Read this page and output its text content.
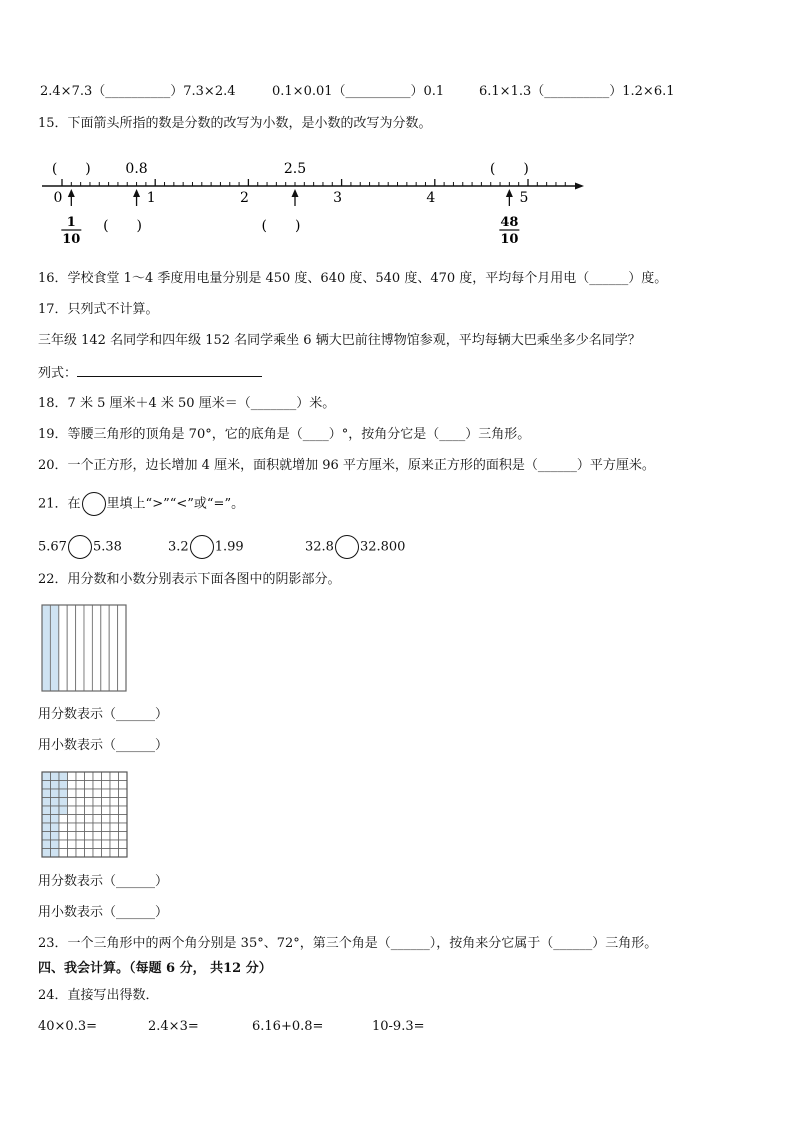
2.4×7.3（__________）7.3×2.4	0.1×0.01（__________）0.1	6.1×1.3（__________）1.2×6.1
15．下面箭头所指的数是分数的改写为小数，是小数的改写为分数。
0	1	2	3	4	5
(　　)
1
10
0.8
(　　)
2.5
(　　)
(　　)
48
10
16．学校食堂 1～4 季度用电量分别是 450 度、640 度、540 度、470 度，平均每个月用电（______）度。
17．只列式不计算。
三年级 142 名同学和四年级 152 名同学乘坐 6 辆大巴前往博物馆参观，平均每辆大巴乘坐多少名同学？
列式：
18．7 米 5 厘米＋4 米 50 厘米＝（_______）米。
19．等腰三角形的顶角是 70°，它的底角是（____）°，按角分它是（____）三角形。
20．一个正方形，边长增加 4 厘米，面积就增加 96 平方厘米，原来正方形的面积是（______）平方厘米。
21．在 里填上“>”“<”或“=”。
5.67 5.38	3.2 1.99	32.8 32.800
22．用分数和小数分别表示下面各图中的阴影部分。
用分数表示（______）
用小数表示（______）
用分数表示（______）
用小数表示（______）
23．一个三角形中的两个角分别是 35°、72°，第三个角是（______），按角来分它属于（______）三角形。
四、我会计算。（每题 6 分， 共12 分）
24．直接写出得数．
40×0.3=	2.4×3=	6.16+0.8=	10-9.3=
